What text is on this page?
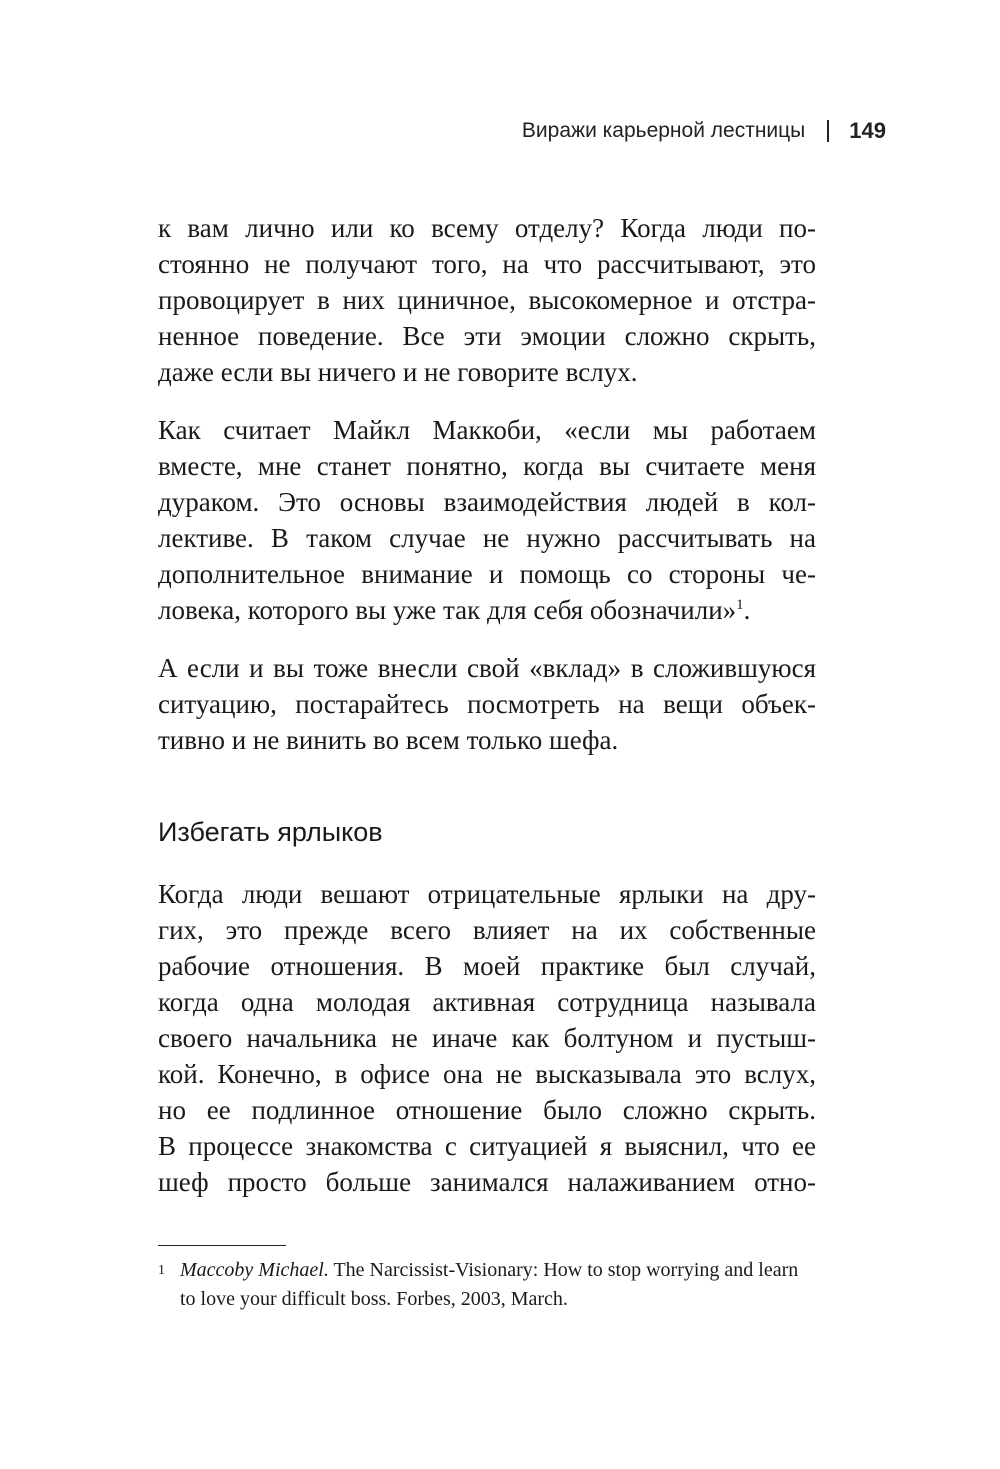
Виражи карьерной лестницы 149

к вам лично или ко всему отделу? Когда люди по-
стоянно не получают того, на что рассчитывают, это
провоцирует в них циничное, высокомерное и отстра-
ненное поведение. Все эти эмоции сложно скрыть,
даже если вы ничего и не говорите вслух.

Как считает Майкл Маккоби, «если мы работаем
вместе, мне станет понятно, когда вы считаете меня
дураком. Это основы взаимодействия людей в кол-
лективе. В таком случае не нужно рассчитывать на
дополнительное внимание и помощь со стороны че-
ловека, которого вы уже так для себя обозначили»$^1$.

А если и вы тоже внесли свой «вклад» в сложившуюся
ситуацию, постарайтесь посмотреть на вещи объек-
тивно и не винить во всем только шефа.

Избегать ярлыков

Когда люди вешают отрицательные ярлыки на дру-
гих, это прежде всего влияет на их собственные
рабочие отношения. В моей практике был случай,
когда одна молодая активная сотрудница называла
своего начальника не иначе как болтуном и пустыш-
кой. Конечно, в офисе она не высказывала это вслух,
но ее подлинное отношение было сложно скрыть.
В процессе знакомства с ситуацией я выяснил, что ее
шеф просто больше занимался налаживанием отно-

1 Maccoby Michael. The Narcissist-Visionary: How to stop worrying and learn to love your difficult boss. Forbes, 2003, March.
